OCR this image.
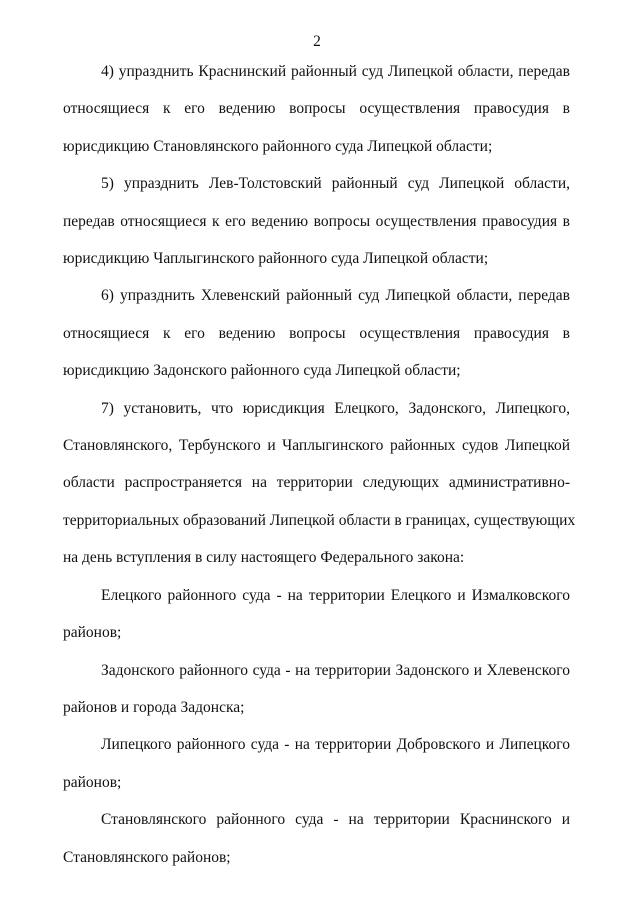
2
4) упразднить Краснинский районный суд Липецкой области, передав
относящиеся к его ведению вопросы осуществления правосудия в
юрисдикцию Становлянского районного суда Липецкой области;
5) упразднить Лев-Толстовский районный суд Липецкой области,
передав относящиеся к его ведению вопросы осуществления правосудия в
юрисдикцию Чаплыгинского районного суда Липецкой области;
6) упразднить Хлевенский районный суд Липецкой области, передав
относящиеся к его ведению вопросы осуществления правосудия в
юрисдикцию Задонского районного суда Липецкой области;
7) установить, что юрисдикция Елецкого, Задонского, Липецкого,
Становлянского, Тербунского и Чаплыгинского районных судов Липецкой
области распространяется на территории следующих административно-
территориальных образований Липецкой области в границах, существующих
на день вступления в силу настоящего Федерального закона:
Елецкого районного суда - на территории Елецкого и Измалковского
районов;
Задонского районного суда - на территории Задонского и Хлевенского
районов и города Задонска;
Липецкого районного суда - на территории Добровского и Липецкого
районов;
Становлянского районного суда - на территории Краснинского и
Становлянского районов;
